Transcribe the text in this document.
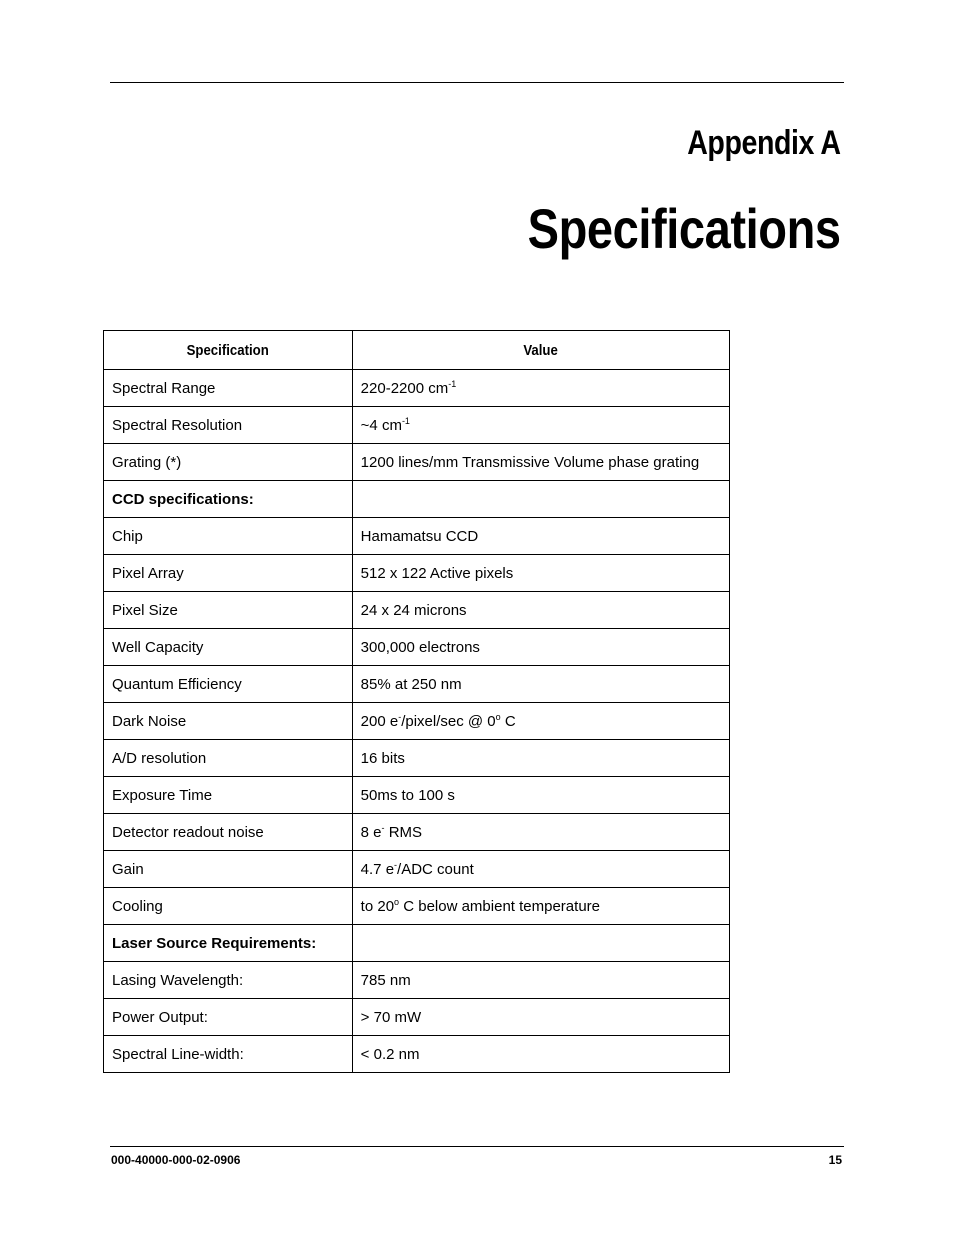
Appendix A
Specifications
Specification	Value
Spectral Range	220-2200 $cm^{-1}$
Spectral Resolution	~4 $cm^{-1}$
Grating (*)	1200 lines/mm Transmissive Volume phase grating
CCD specifications:	
Chip	Hamamatsu CCD
Pixel Array	512 x 122 Active pixels
Pixel Size	24 x 24 microns
Well Capacity	300,000 electrons
Quantum Efficiency	85% at 250 nm
Dark Noise	200 e-/pixel/sec @ 0$^o$ C
A/D resolution	16 bits
Exposure Time	50ms to 100 s
Detector readout noise	8 e- RMS
Gain	4.7 e-/ADC count
Cooling	to 20$^o$ C below ambient temperature
Laser Source Requirements:	
Lasing Wavelength:	785 nm
Power Output:	> 70 mW
Spectral Line-width:	< 0.2 nm
000-40000-000-02-0906	15
